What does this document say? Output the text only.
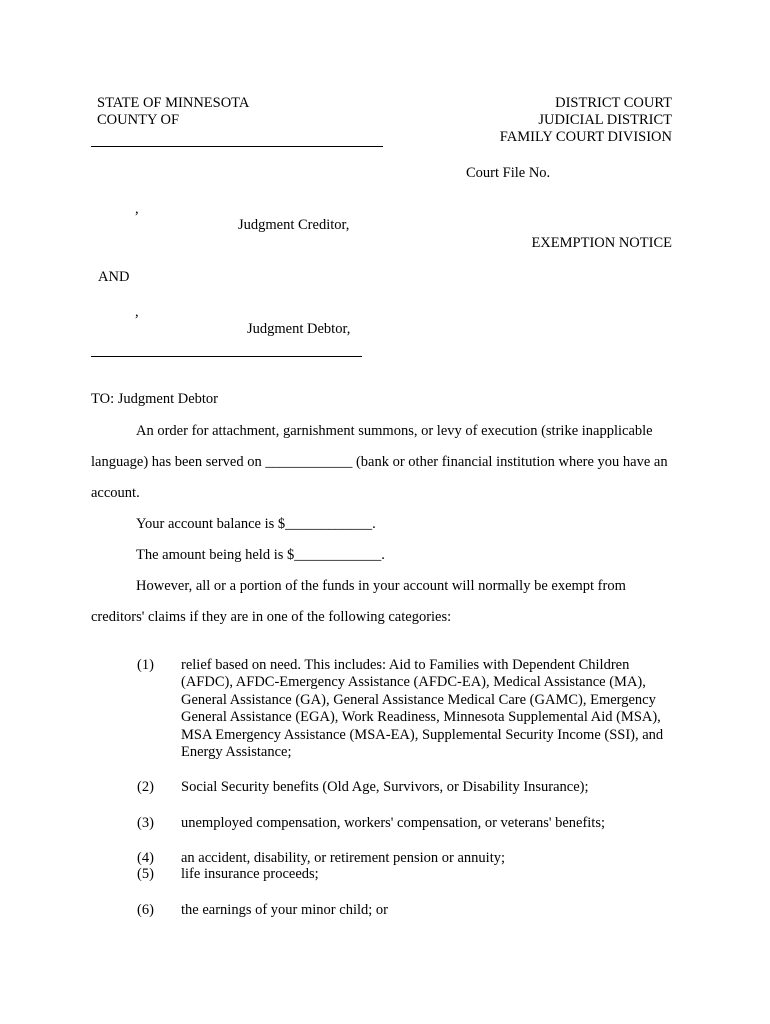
STATE OF MINNESOTA
COUNTY OF
DISTRICT COURT
JUDICIAL DISTRICT
FAMILY COURT DIVISION
Court File No.
,
Judgment Creditor,
EXEMPTION NOTICE
AND
,
Judgment Debtor,
TO: Judgment Debtor
An order for attachment, garnishment summons, or levy of execution (strike inapplicable
language) has been served on ____________ (bank or other financial institution where you have an
account.
Your account balance is $____________.
The amount being held is $____________.
However, all or a portion of the funds in your account will normally be exempt from
creditors' claims if they are in one of the following categories:
(1) relief based on need. This includes: Aid to Families with Dependent Children
(AFDC), AFDC-Emergency Assistance (AFDC-EA), Medical Assistance (MA),
General Assistance (GA), General Assistance Medical Care (GAMC), Emergency
General Assistance (EGA), Work Readiness, Minnesota Supplemental Aid (MSA),
MSA Emergency Assistance (MSA-EA), Supplemental Security Income (SSI), and
Energy Assistance;
(2) Social Security benefits (Old Age, Survivors, or Disability Insurance);
(3) unemployed compensation, workers' compensation, or veterans' benefits;
(4) an accident, disability, or retirement pension or annuity;
(5) life insurance proceeds;
(6) the earnings of your minor child; or
